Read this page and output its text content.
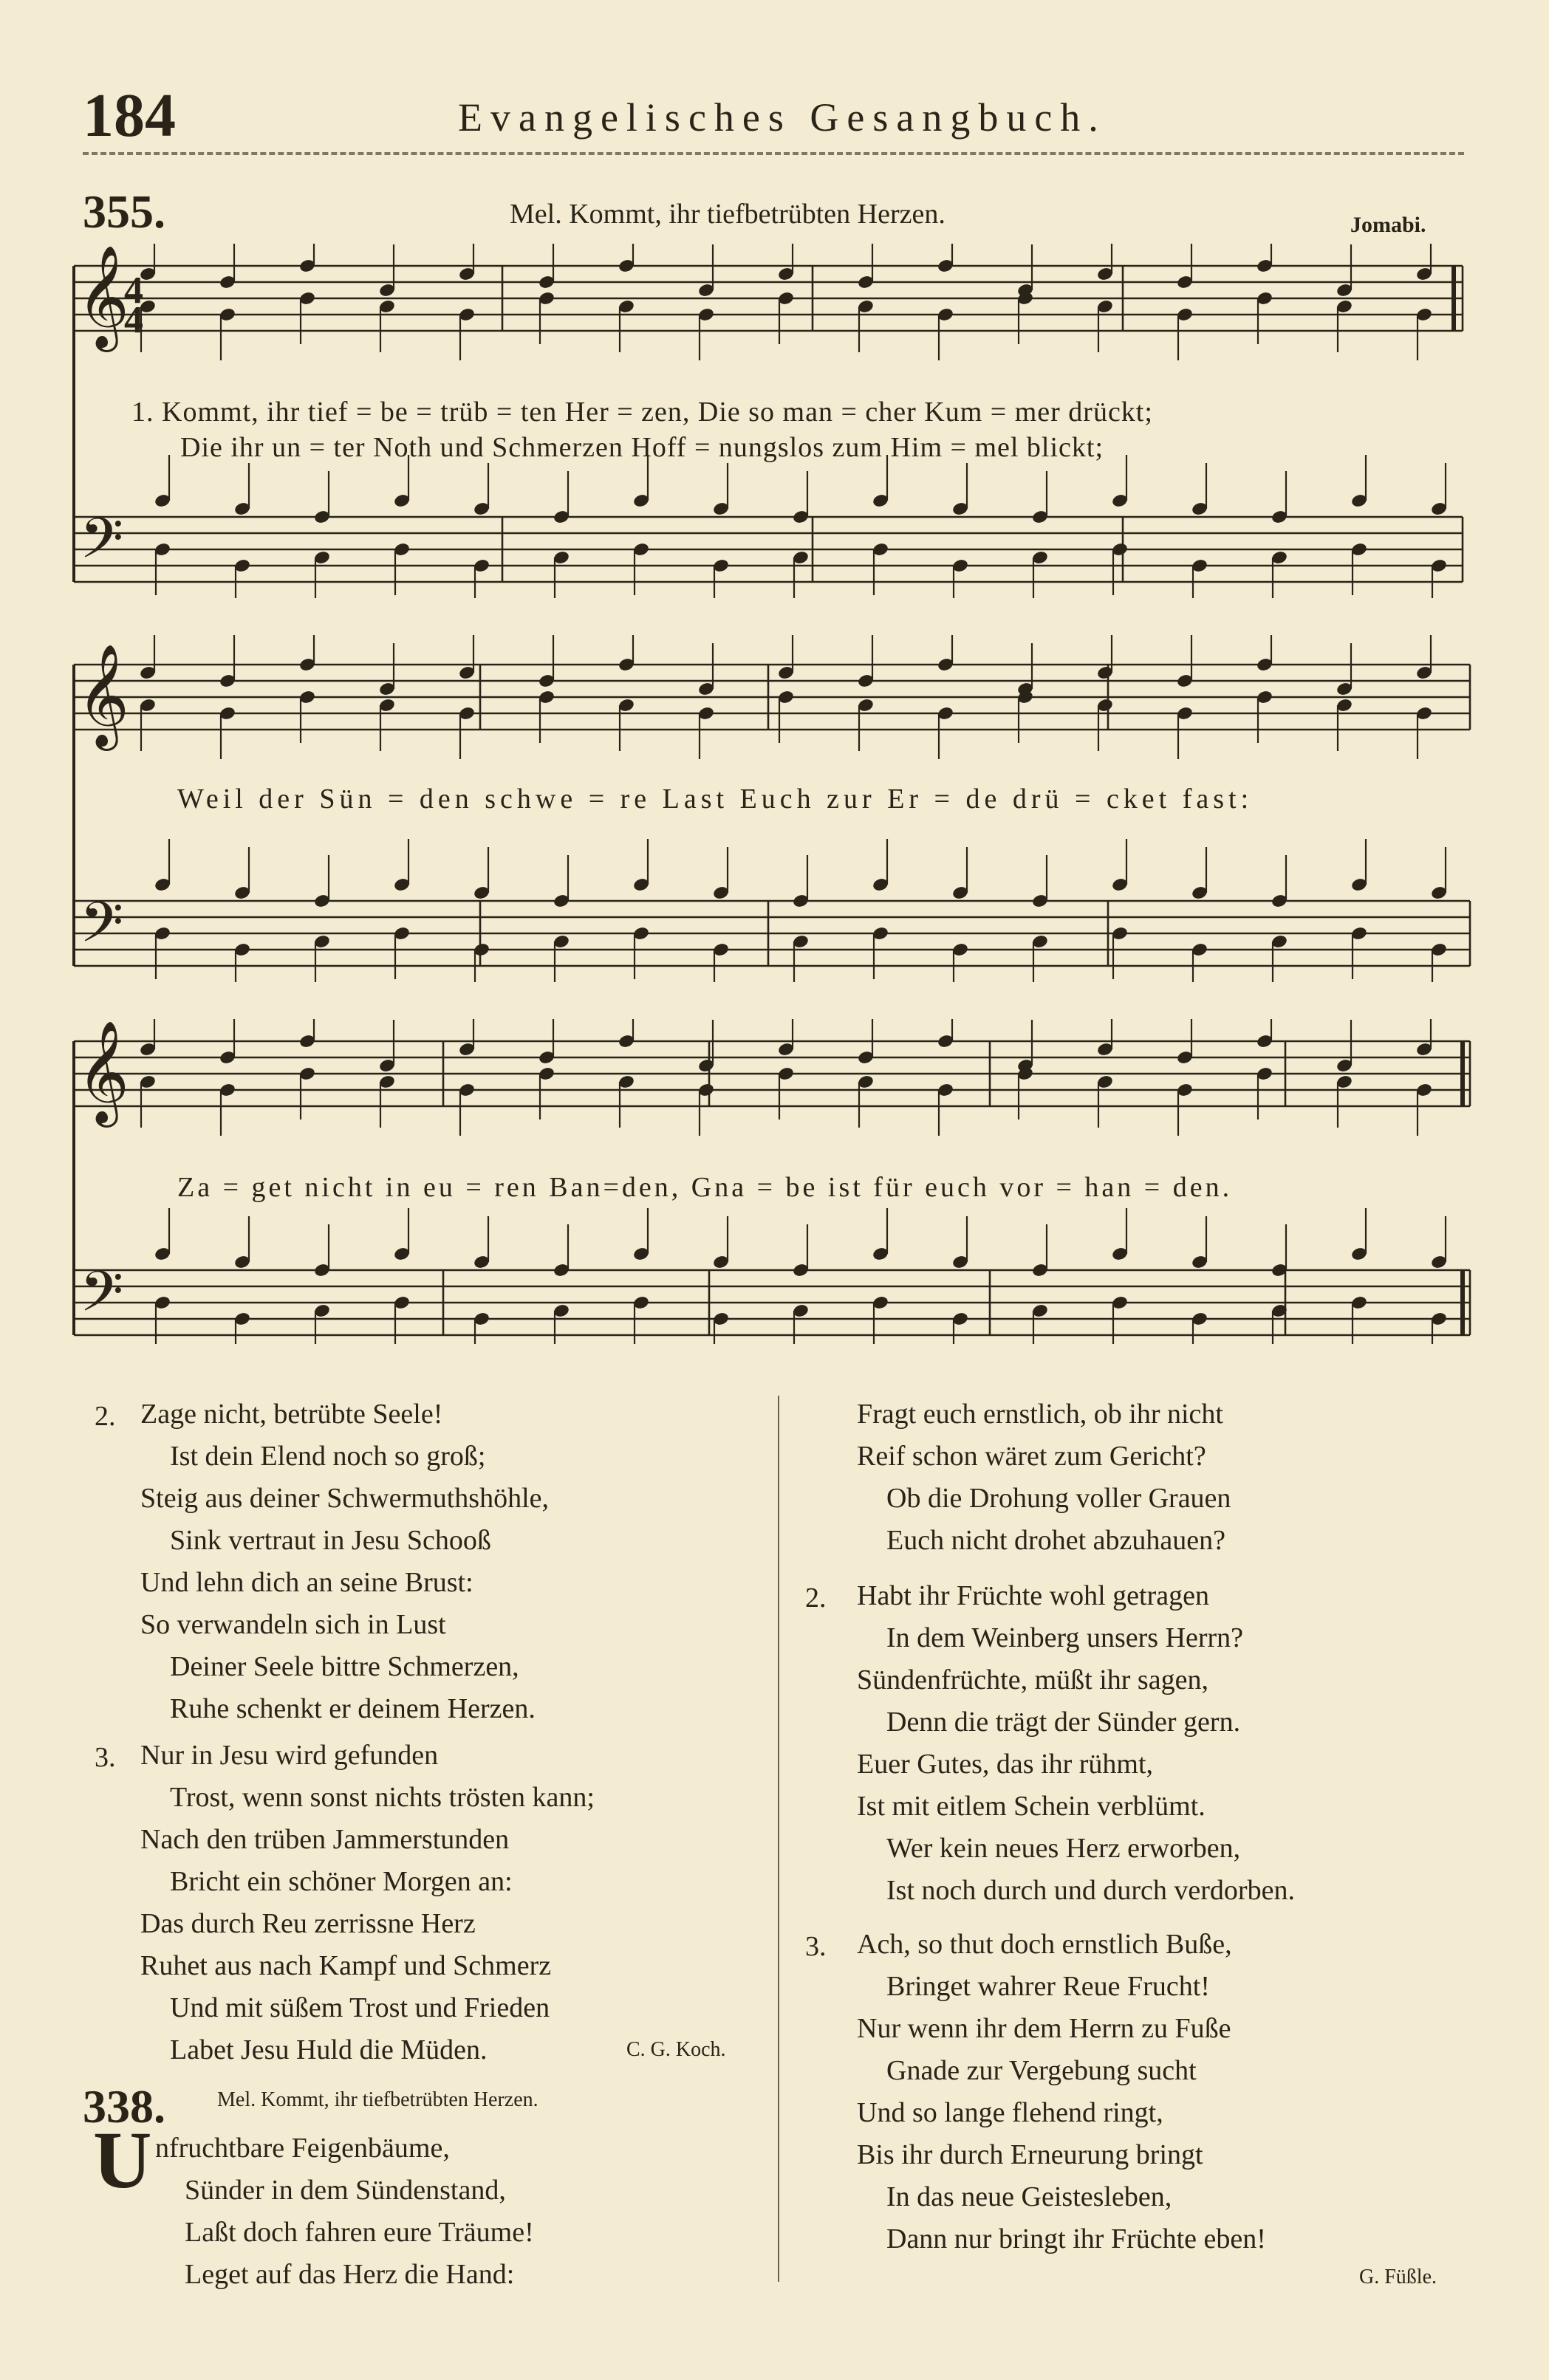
184	Evangelisches Gesangbuch.
355.	Mel. Kommt, ihr tiefbetrübten Herzen.	Jomabi.
𝄞
𝄢
4
4
𝄞
𝄢
𝄞
𝄢
1. Kommt, ihr tief = be = trüb = ten Her = zen, Die so man = cher Kum = mer drückt;
Die ihr un = ter Noth und Schmerzen Hoff = nungslos zum Him = mel blickt;
Weil der Sün = den schwe = re Last Euch zur Er = de drü = cket fast:
Za = get nicht in eu = ren Ban=den, Gna = be ist für euch vor = han = den.
2. Zage nicht, betrübte Seele!
Ist dein Elend noch so groß;
Steig aus deiner Schwermuthshöhle,
Sink vertraut in Jesu Schooß
Und lehn dich an seine Brust:
So verwandeln sich in Lust
Deiner Seele bittre Schmerzen,
Ruhe schenkt er deinem Herzen.
3. Nur in Jesu wird gefunden
Trost, wenn sonst nichts trösten kann;
Nach den trüben Jammerstunden
Bricht ein schöner Morgen an:
Das durch Reu zerrissne Herz
Ruhet aus nach Kampf und Schmerz
Und mit süßem Trost und Frieden
Labet Jesu Huld die Müden.	C. G. Koch.
338.	Mel. Kommt, ihr tiefbetrübten Herzen.
U nfruchtbare Feigenbäume,
Sünder in dem Sündenstand,
Laßt doch fahren eure Träume!
Leget auf das Herz die Hand:
Fragt euch ernstlich, ob ihr nicht
Reif schon wäret zum Gericht?
Ob die Drohung voller Grauen
Euch nicht drohet abzuhauen?
2. Habt ihr Früchte wohl getragen
In dem Weinberg unsers Herrn?
Sündenfrüchte, müßt ihr sagen,
Denn die trägt der Sünder gern.
Euer Gutes, das ihr rühmt,
Ist mit eitlem Schein verblümt.
Wer kein neues Herz erworben,
Ist noch durch und durch verdorben.
3. Ach, so thut doch ernstlich Buße,
Bringet wahrer Reue Frucht!
Nur wenn ihr dem Herrn zu Fuße
Gnade zur Vergebung sucht
Und so lange flehend ringt,
Bis ihr durch Erneurung bringt
In das neue Geistesleben,
Dann nur bringt ihr Früchte eben!
G. Füßle.
